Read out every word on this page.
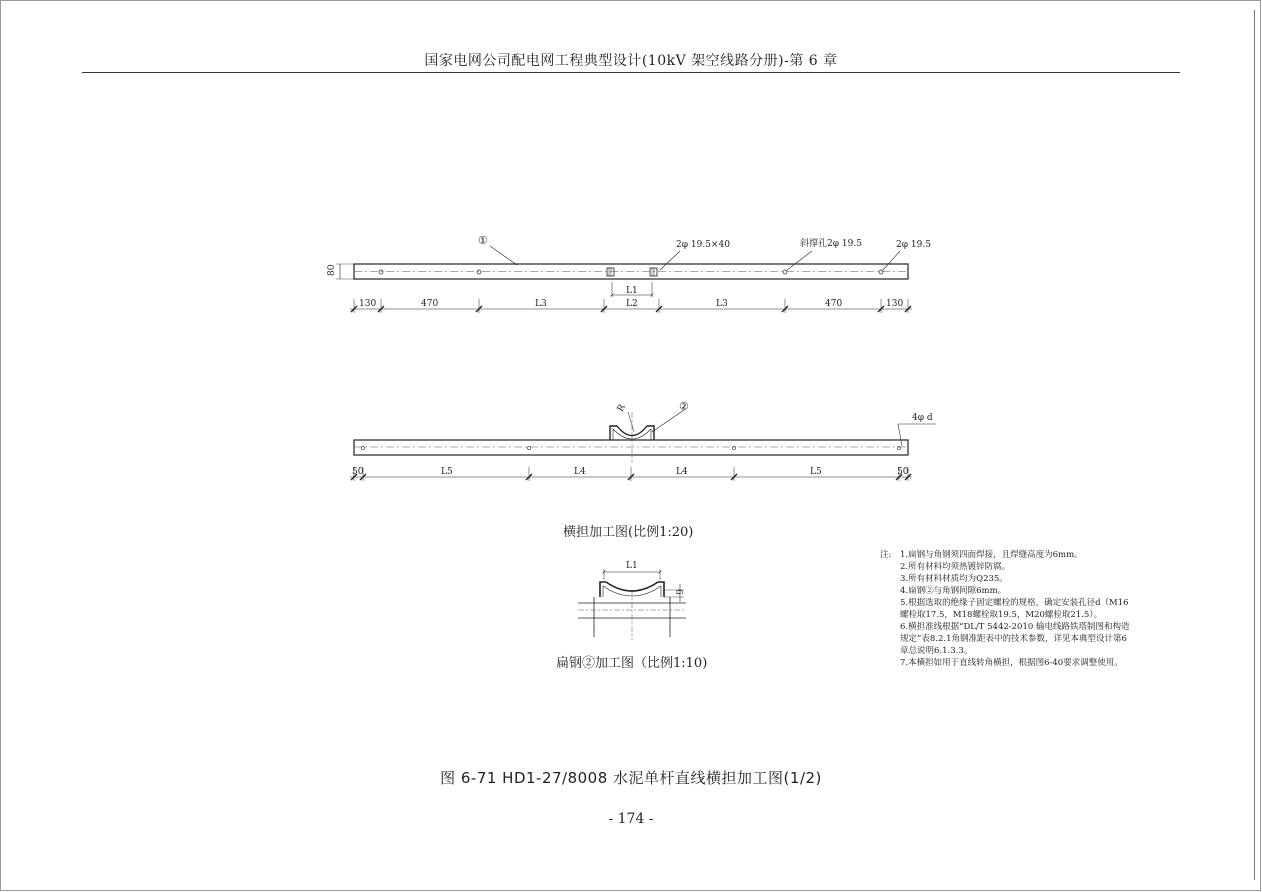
国家电网公司配电网工程典型设计(10kV 架空线路分册)-第 6 章
①	2φ 19.5×40	斜撑孔2φ 19.5	2φ 19.5
80
L1
130	470	L3	L2	L3	470	130
R	②
4φ d
50	L5	L4	L4	L5	50
L1
6
横担加工图(比例1:20)
扁钢②加工图（比例1:10)
注:	1.扁钢与角钢须四面焊接，且焊缝高度为6mm。
2.所有材料均须热镀锌防腐。
3.所有材料材质均为Q235。
4.扁钢②与角钢间隙6mm。
5.根据选取的绝缘子固定螺栓的规格，确定安装孔径d（M16螺栓取17.5，M18螺栓取19.5，M20螺栓取21.5）。
6.横担准线根据“DL/T 5442-2010 输电线路铁塔制图和构造规定”表8.2.1角钢准距表中的技术参数，详见本典型设计第6章总说明6.1.3.3。
7.本横担如用于直线转角横担，根据图6-40要求调整使用。
图 6-71 HD1-27/8008 水泥单杆直线横担加工图(1/2)
- 174 -
